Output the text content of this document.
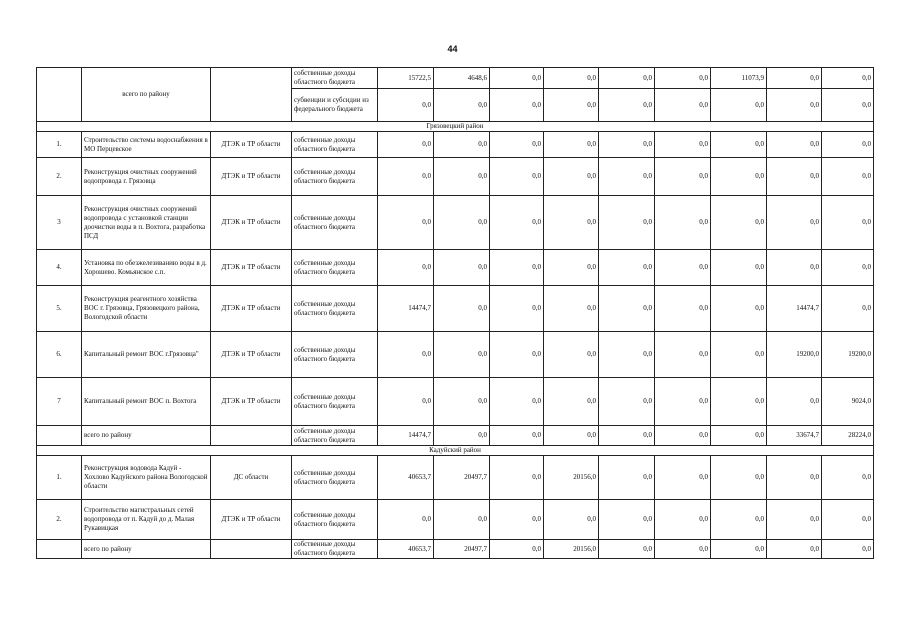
44
	всего по району		собственные доходы областного бюджета	15722,5	4648,6	0,0	0,0	0,0	0,0	11073,9	0,0	0,0
			субвенции и субсидии из федерального бюджета	0,0	0,0	0,0	0,0	0,0	0,0	0,0	0,0	0,0
Грязовецкий район												
1.	Строительство системы водоснабжения в МО Перцевское	ДТЭК и ТР области	собственные доходы областного бюджета	0,0	0,0	0,0	0,0	0,0	0,0	0,0	0,0	0,0
2.	Реконструкция очистных сооружений водопровода г. Грязовца	ДТЭК и ТР области	собственные доходы областного бюджета	0,0	0,0	0,0	0,0	0,0	0,0	0,0	0,0	0,0
3	Реконструкция очистных сооружений водопровода с установкой станции доочистки воды в п. Вохтога, разработка ПСД	ДТЭК и ТР области	собственные доходы областного бюджета	0,0	0,0	0,0	0,0	0,0	0,0	0,0	0,0	0,0
4.	Установка по обезжелезиванию воды в д. Хорошево. Комьянское с.п.	ДТЭК и ТР области	собственные доходы областного бюджета	0,0	0,0	0,0	0,0	0,0	0,0	0,0	0,0	0,0
5.	Реконструкция реагентного хозяйства ВОС г. Грязовца, Грязовецкого района, Вологодской области	ДТЭК и ТР области	собственные доходы областного бюджета	14474,7	0,0	0,0	0,0	0,0	0,0	0,0	14474,7	0,0
6.	Капитальный ремонт ВОС г.Грязовца"	ДТЭК и ТР области	собственные доходы областного бюджета	0,0	0,0	0,0	0,0	0,0	0,0	0,0	19200,0	19200,0
7	Капитальный ремонт ВОС п. Вохтога	ДТЭК и ТР области	собственные доходы областного бюджета	0,0	0,0	0,0	0,0	0,0	0,0	0,0	0,0	9024,0
	всего по району		собственные доходы областного бюджета	14474,7	0,0	0,0	0,0	0,0	0,0	0,0	33674,7	28224,0
Кадуйский район												
1.	Реконструкция водовода Кадуй - Хохлово Кадуйского района Вологодской области	ДС области	собственные доходы областного бюджета	40653,7	20497,7	0,0	20156,0	0,0	0,0	0,0	0,0	0,0
2.	Строительство магистральных сетей водопровода от п. Кадуй до д. Малая Рукавицкая	ДТЭК и ТР области	собственные доходы областного бюджета	0,0	0,0	0,0	0,0	0,0	0,0	0,0	0,0	0,0
	всего по району		собственные доходы областного бюджета	40653,7	20497,7	0,0	20156,0	0,0	0,0	0,0	0,0	0,0
